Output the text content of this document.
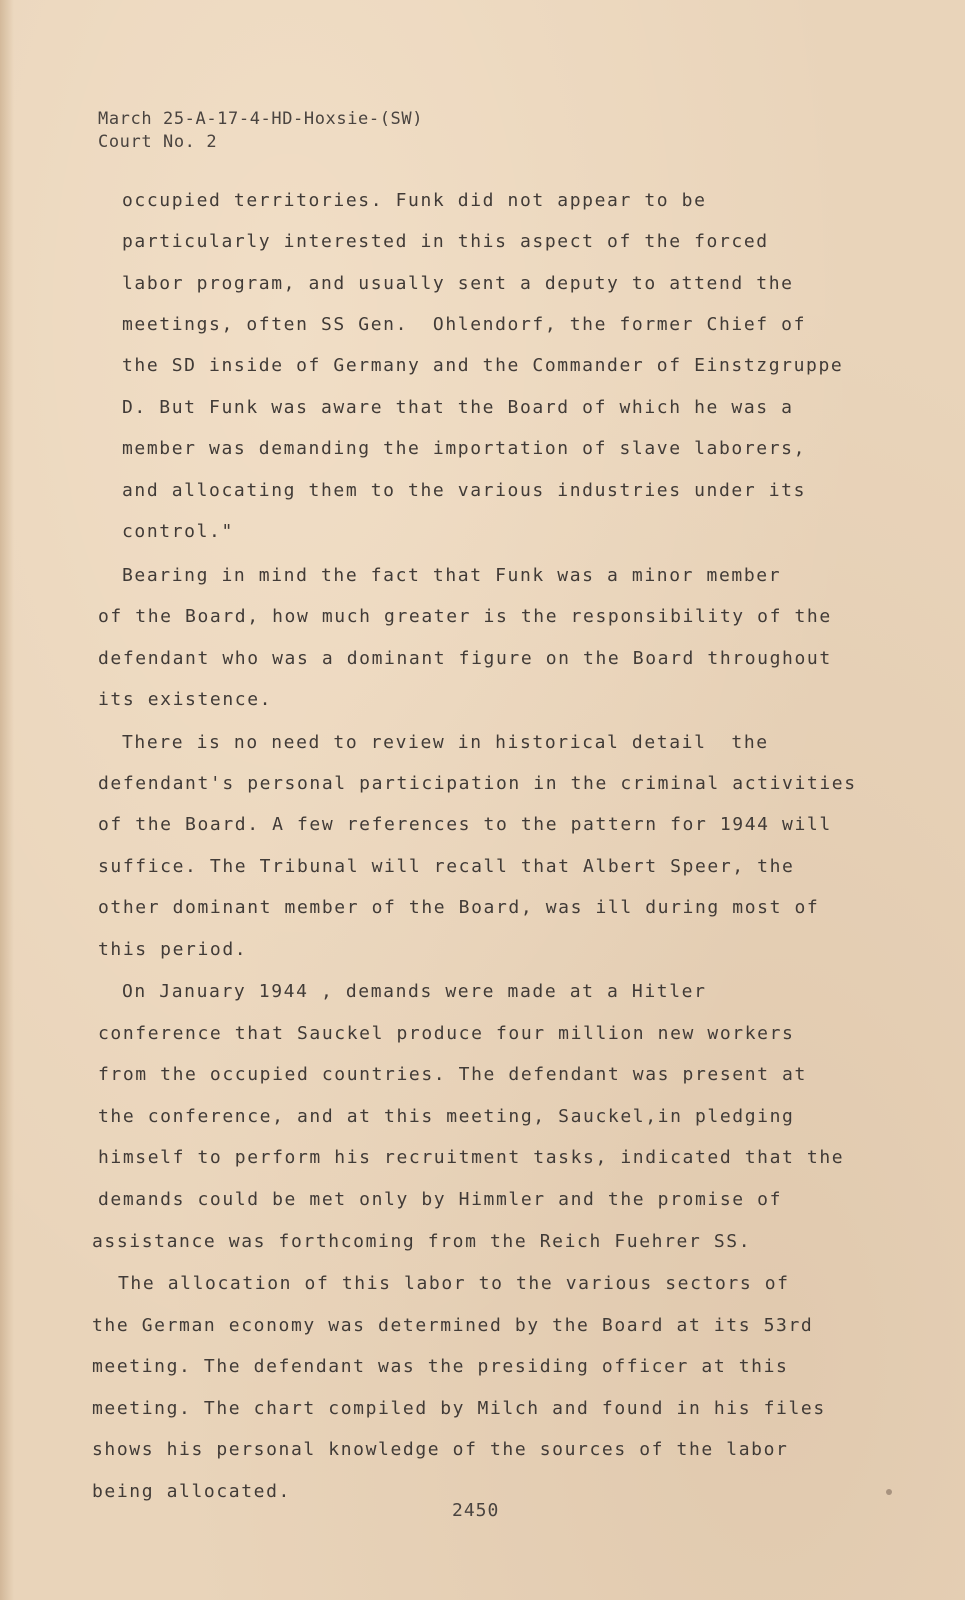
March 25-A-17-4-HD-Hoxsie-(SW)
Court No. 2
occupied territories. Funk did not appear to be
particularly interested in this aspect of the forced
labor program, and usually sent a deputy to attend the
meetings, often SS Gen.  Ohlendorf, the former Chief of
the SD inside of Germany and the Commander of Einstzgruppe
D. But Funk was aware that the Board of which he was a
member was demanding the importation of slave laborers,
and allocating them to the various industries under its
control."
Bearing in mind the fact that Funk was a minor member
of the Board, how much greater is the responsibility of the
defendant who was a dominant figure on the Board throughout
its existence.
There is no need to review in historical detail  the
defendant's personal participation in the criminal activities
of the Board. A few references to the pattern for 1944 will
suffice. The Tribunal will recall that Albert Speer, the
other dominant member of the Board, was ill during most of
this period.
On January 1944 , demands were made at a Hitler
conference that Sauckel produce four million new workers
from the occupied countries. The defendant was present at
the conference, and at this meeting, Sauckel,in pledging
himself to perform his recruitment tasks, indicated that the
demands could be met only by Himmler and the promise of
assistance was forthcoming from the Reich Fuehrer SS.
The allocation of this labor to the various sectors of
the German economy was determined by the Board at its 53rd
meeting. The defendant was the presiding officer at this
meeting. The chart compiled by Milch and found in his files
shows his personal knowledge of the sources of the labor
being allocated.
2450
